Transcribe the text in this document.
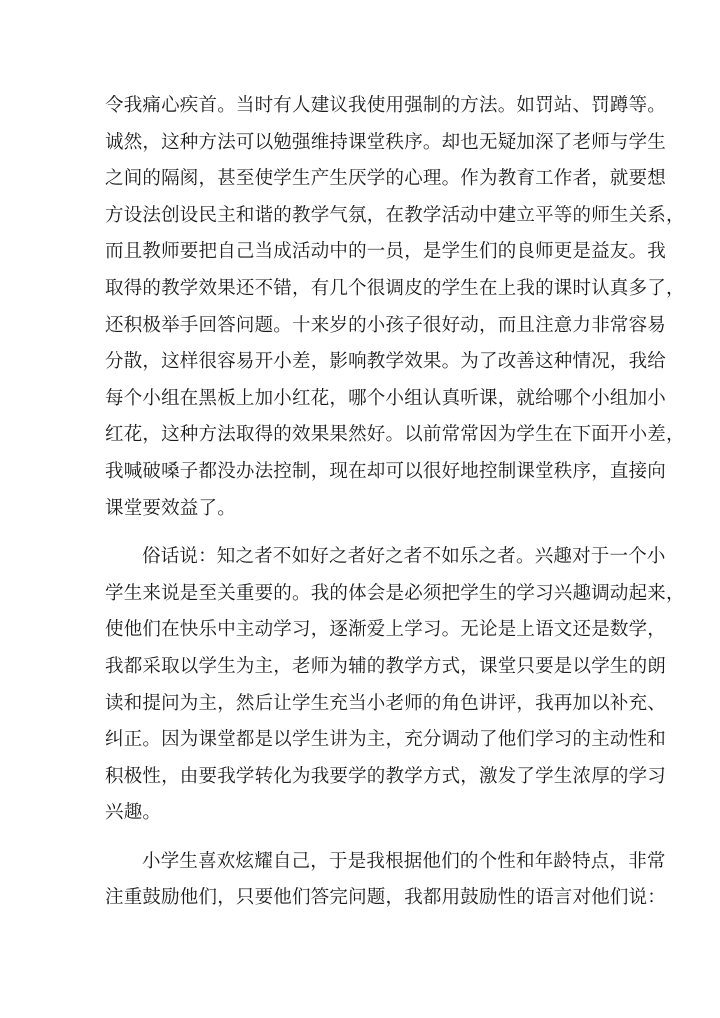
令我痛心疾首。当时有人建议我使用强制的方法。如罚站、罚蹲等。
诚然，这种方法可以勉强维持课堂秩序。却也无疑加深了老师与学生
之间的隔阂，甚至使学生产生厌学的心理。作为教育工作者，就要想
方设法创设民主和谐的教学气氛，在教学活动中建立平等的师生关系，
而且教师要把自己当成活动中的一员，是学生们的良师更是益友。我
取得的教学效果还不错，有几个很调皮的学生在上我的课时认真多了，
还积极举手回答问题。十来岁的小孩子很好动，而且注意力非常容易
分散，这样很容易开小差，影响教学效果。为了改善这种情况，我给
每个小组在黑板上加小红花，哪个小组认真听课，就给哪个小组加小
红花，这种方法取得的效果果然好。以前常常因为学生在下面开小差，
我喊破嗓子都没办法控制，现在却可以很好地控制课堂秩序，直接向
课堂要效益了。
俗话说：知之者不如好之者好之者不如乐之者。兴趣对于一个小
学生来说是至关重要的。我的体会是必须把学生的学习兴趣调动起来，
使他们在快乐中主动学习，逐渐爱上学习。无论是上语文还是数学，
我都采取以学生为主，老师为辅的教学方式，课堂只要是以学生的朗
读和提问为主，然后让学生充当小老师的角色讲评，我再加以补充、
纠正。因为课堂都是以学生讲为主，充分调动了他们学习的主动性和
积极性，由要我学转化为我要学的教学方式，激发了学生浓厚的学习
兴趣。
小学生喜欢炫耀自己，于是我根据他们的个性和年龄特点，非常
注重鼓励他们，只要他们答完问题，我都用鼓励性的语言对他们说：
